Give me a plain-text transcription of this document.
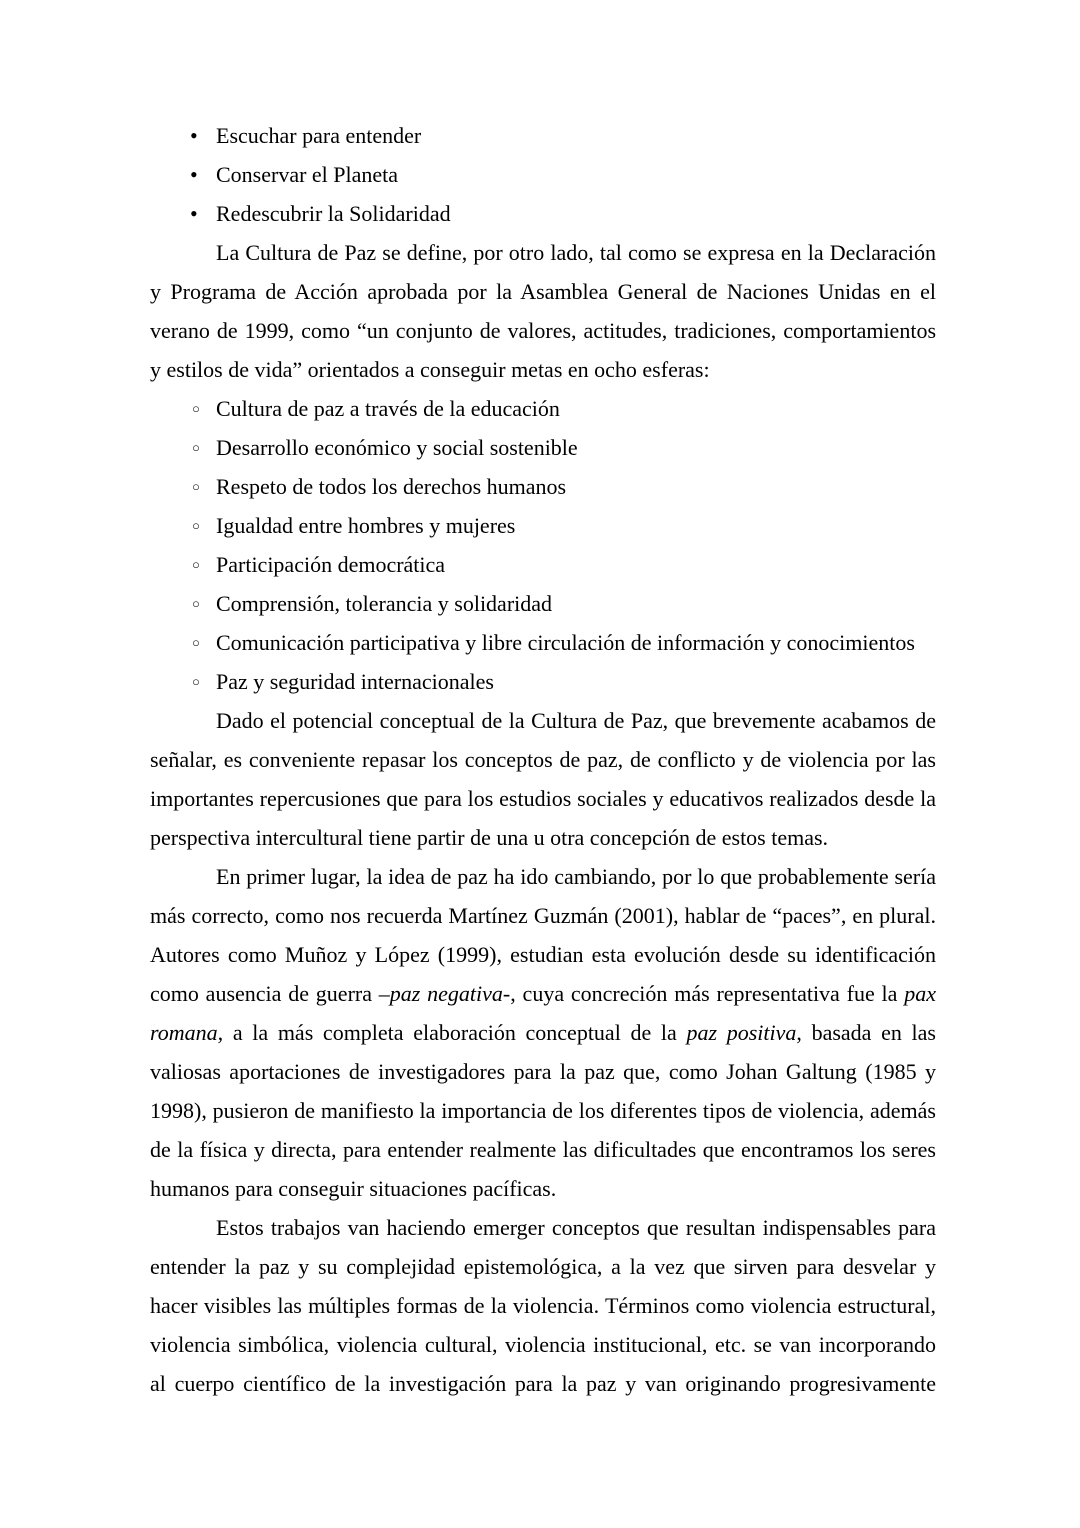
• Escuchar para entender
• Conservar el Planeta
• Redescubrir la Solidaridad

La Cultura de Paz se define, por otro lado, tal como se expresa en la Declaración y Programa de Acción aprobada por la Asamblea General de Naciones Unidas en el verano de 1999, como “un conjunto de valores, actitudes, tradiciones, comportamientos y estilos de vida” orientados a conseguir metas en ocho esferas:

○ Cultura de paz a través de la educación
○ Desarrollo económico y social sostenible
○ Respeto de todos los derechos humanos
○ Igualdad entre hombres y mujeres
○ Participación democrática
○ Comprensión, tolerancia y solidaridad
○ Comunicación participativa y libre circulación de información y conocimientos
○ Paz y seguridad internacionales

Dado el potencial conceptual de la Cultura de Paz, que brevemente acabamos de señalar, es conveniente repasar los conceptos de paz, de conflicto y de violencia por las importantes repercusiones que para los estudios sociales y educativos realizados desde la perspectiva intercultural tiene partir de una u otra concepción de estos temas.

En primer lugar, la idea de paz ha ido cambiando, por lo que probablemente sería más correcto, como nos recuerda Martínez Guzmán (2001), hablar de “paces”, en plural. Autores como Muñoz y López (1999), estudian esta evolución desde su identificación como ausencia de guerra –paz negativa-, cuya concreción más representativa fue la pax romana, a la más completa elaboración conceptual de la paz positiva, basada en las valiosas aportaciones de investigadores para la paz que, como Johan Galtung (1985 y 1998), pusieron de manifiesto la importancia de los diferentes tipos de violencia, además de la física y directa, para entender realmente las dificultades que encontramos los seres humanos para conseguir situaciones pacíficas.

Estos trabajos van haciendo emerger conceptos que resultan indispensables para entender la paz y su complejidad epistemológica, a la vez que sirven para desvelar y hacer visibles las múltiples formas de la violencia. Términos como violencia estructural, violencia simbólica, violencia cultural, violencia institucional, etc. se van incorporando al cuerpo científico de la investigación para la paz y van originando progresivamente
